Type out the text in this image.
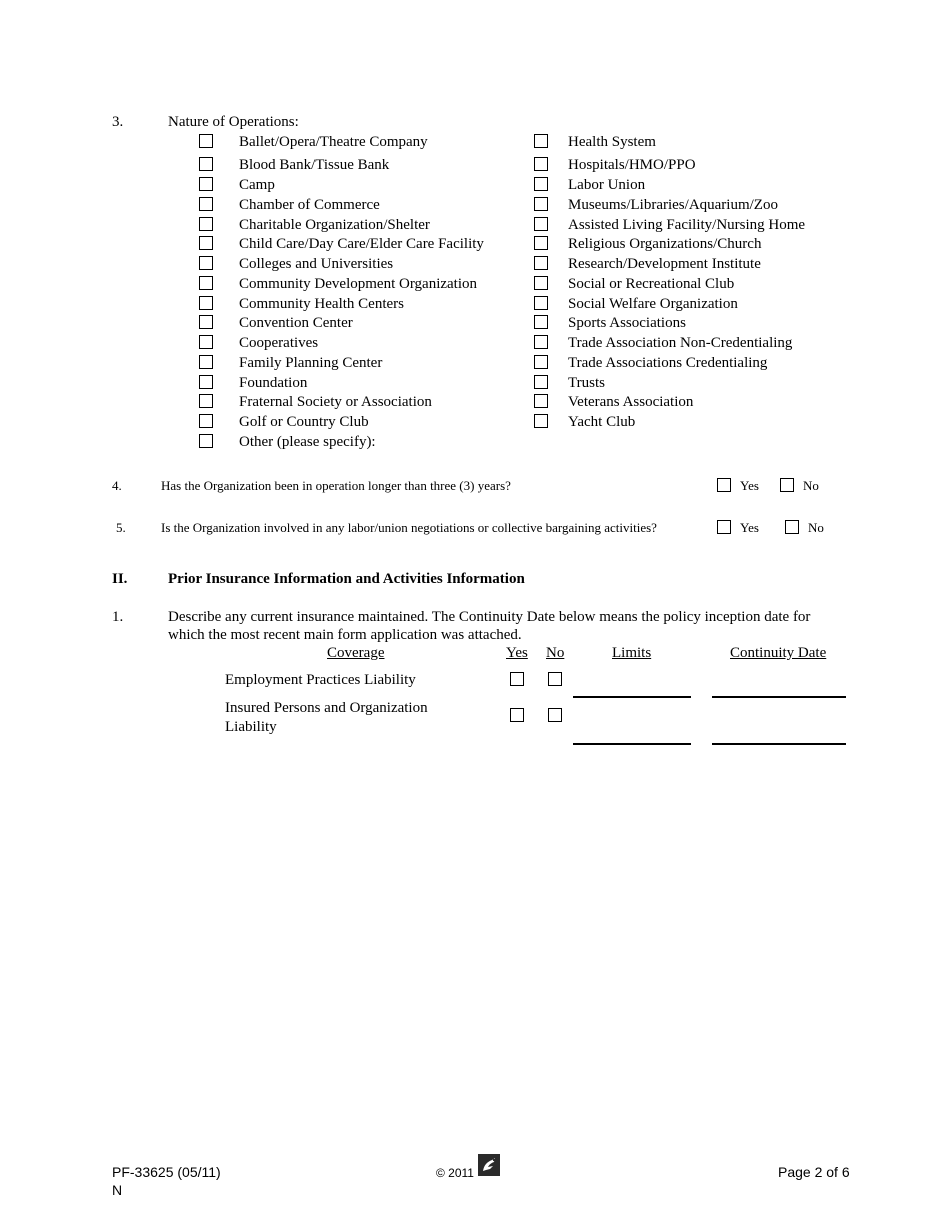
3.	Nature of Operations:
Ballet/Opera/Theatre Company
Blood Bank/Tissue Bank
Camp
Chamber of Commerce
Charitable Organization/Shelter
Child Care/Day Care/Elder Care Facility
Colleges and Universities
Community Development Organization
Community Health Centers
Convention Center
Cooperatives
Family Planning Center
Foundation
Fraternal Society or Association
Golf or Country Club
Other (please specify):
Health System
Hospitals/HMO/PPO
Labor Union
Museums/Libraries/Aquarium/Zoo
Assisted Living Facility/Nursing Home
Religious Organizations/Church
Research/Development Institute
Social or Recreational Club
Social Welfare Organization
Sports Associations
Trade Association Non-Credentialing
Trade Associations Credentialing
Trusts
Veterans Association
Yacht Club
4.	Has the Organization been in operation longer than three (3) years?	Yes	No
5.	Is the Organization involved in any labor/union negotiations or collective bargaining activities?	Yes	No
II.	Prior Insurance Information and Activities Information
1.	Describe any current insurance maintained. The Continuity Date below means the policy inception date for
which the most recent main form application was attached.
Coverage	Yes No	Limits	Continuity Date
Employment Practices Liability
Insured Persons and Organization
Liability
PF-33625 (05/11)
N
© 2011	Page 2 of 6
